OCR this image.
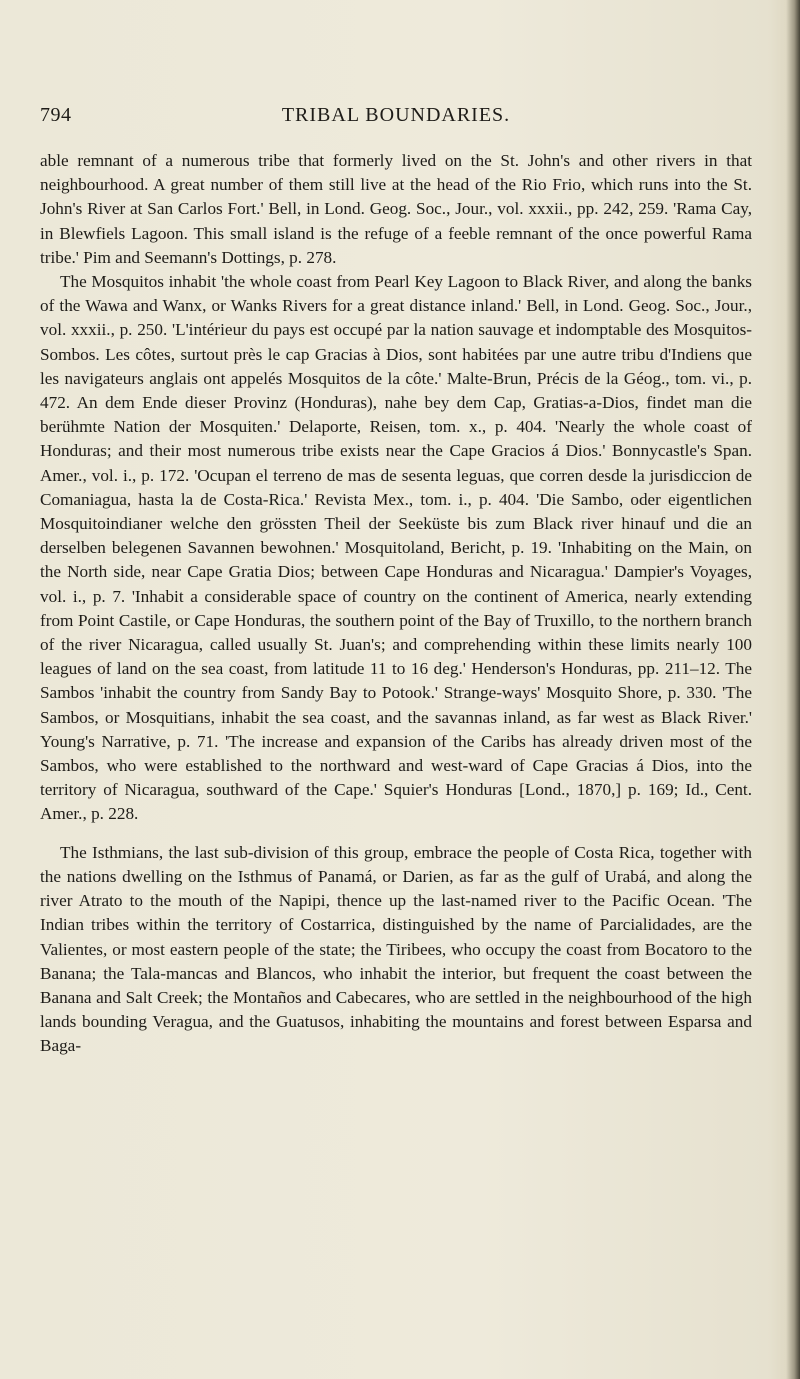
794	TRIBAL BOUNDARIES.

able remnant of a numerous tribe that formerly lived on the St. John's and other rivers in that neighbourhood. A great number of them still live at the head of the Rio Frio, which runs into the St. John's River at San Carlos Fort.' Bell, in Lond. Geog. Soc., Jour., vol. xxxii., pp. 242, 259. 'Rama Cay, in Blewfiels Lagoon. This small island is the refuge of a feeble remnant of the once powerful Rama tribe.' Pim and Seemann's Dottings, p. 278.

The Mosquitos inhabit 'the whole coast from Pearl Key Lagoon to Black River, and along the banks of the Wawa and Wanx, or Wanks Rivers for a great distance inland.' Bell, in Lond. Geog. Soc., Jour., vol. xxxii., p. 250. 'L'intérieur du pays est occupé par la nation sauvage et indomptable des Mosquitos-Sombos. Les côtes, surtout près le cap Gracias à Dios, sont habitées par une autre tribu d'Indiens que les navigateurs anglais ont appelés Mosquitos de la côte.' Malte-Brun, Précis de la Géog., tom. vi., p. 472. An dem Ende dieser Provinz (Honduras), nahe bey dem Cap, Gratias-a-Dios, findet man die berühmte Nation der Mosquiten.' Delaporte, Reisen, tom. x., p. 404. 'Nearly the whole coast of Honduras; and their most numerous tribe exists near the Cape Gracios á Dios.' Bonnycastle's Span. Amer., vol. i., p. 172. 'Ocupan el terreno de mas de sesenta leguas, que corren desde la jurisdiccion de Comaniagua, hasta la de Costa-Rica.' Revista Mex., tom. i., p. 404. 'Die Sambo, oder eigentlichen Mosquitoindianer welche den grössten Theil der Seeküste bis zum Black river hinauf und die an derselben belegenen Savannen bewohnen.' Mosquitoland, Bericht, p. 19. 'Inhabiting on the Main, on the North side, near Cape Gratia Dios; between Cape Honduras and Nicaragua.' Dampier's Voyages, vol. i., p. 7. 'Inhabit a considerable space of country on the continent of America, nearly extending from Point Castile, or Cape Honduras, the southern point of the Bay of Truxillo, to the northern branch of the river Nicaragua, called usually St. Juan's; and comprehending within these limits nearly 100 leagues of land on the sea coast, from latitude 11 to 16 deg.' Henderson's Honduras, pp. 211–12. The Sambos 'inhabit the country from Sandy Bay to Potook.' Strange-ways' Mosquito Shore, p. 330. 'The Sambos, or Mosquitians, inhabit the sea coast, and the savannas inland, as far west as Black River.' Young's Narrative, p. 71. 'The increase and expansion of the Caribs has already driven most of the Sambos, who were established to the northward and west-ward of Cape Gracias á Dios, into the territory of Nicaragua, southward of the Cape.' Squier's Honduras [Lond., 1870,] p. 169; Id., Cent. Amer., p. 228.

The Isthmians, the last sub-division of this group, embrace the people of Costa Rica, together with the nations dwelling on the Isthmus of Panamá, or Darien, as far as the gulf of Urabá, and along the river Atrato to the mouth of the Napipi, thence up the last-named river to the Pacific Ocean. 'The Indian tribes within the territory of Costarrica, distinguished by the name of Parcialidades, are the Valientes, or most eastern people of the state; the Tiribees, who occupy the coast from Bocatoro to the Banana; the Tala-mancas and Blancos, who inhabit the interior, but frequent the coast between the Banana and Salt Creek; the Montaños and Cabecares, who are settled in the neighbourhood of the high lands bounding Veragua, and the Guatusos, inhabiting the mountains and forest between Esparsa and Baga-
